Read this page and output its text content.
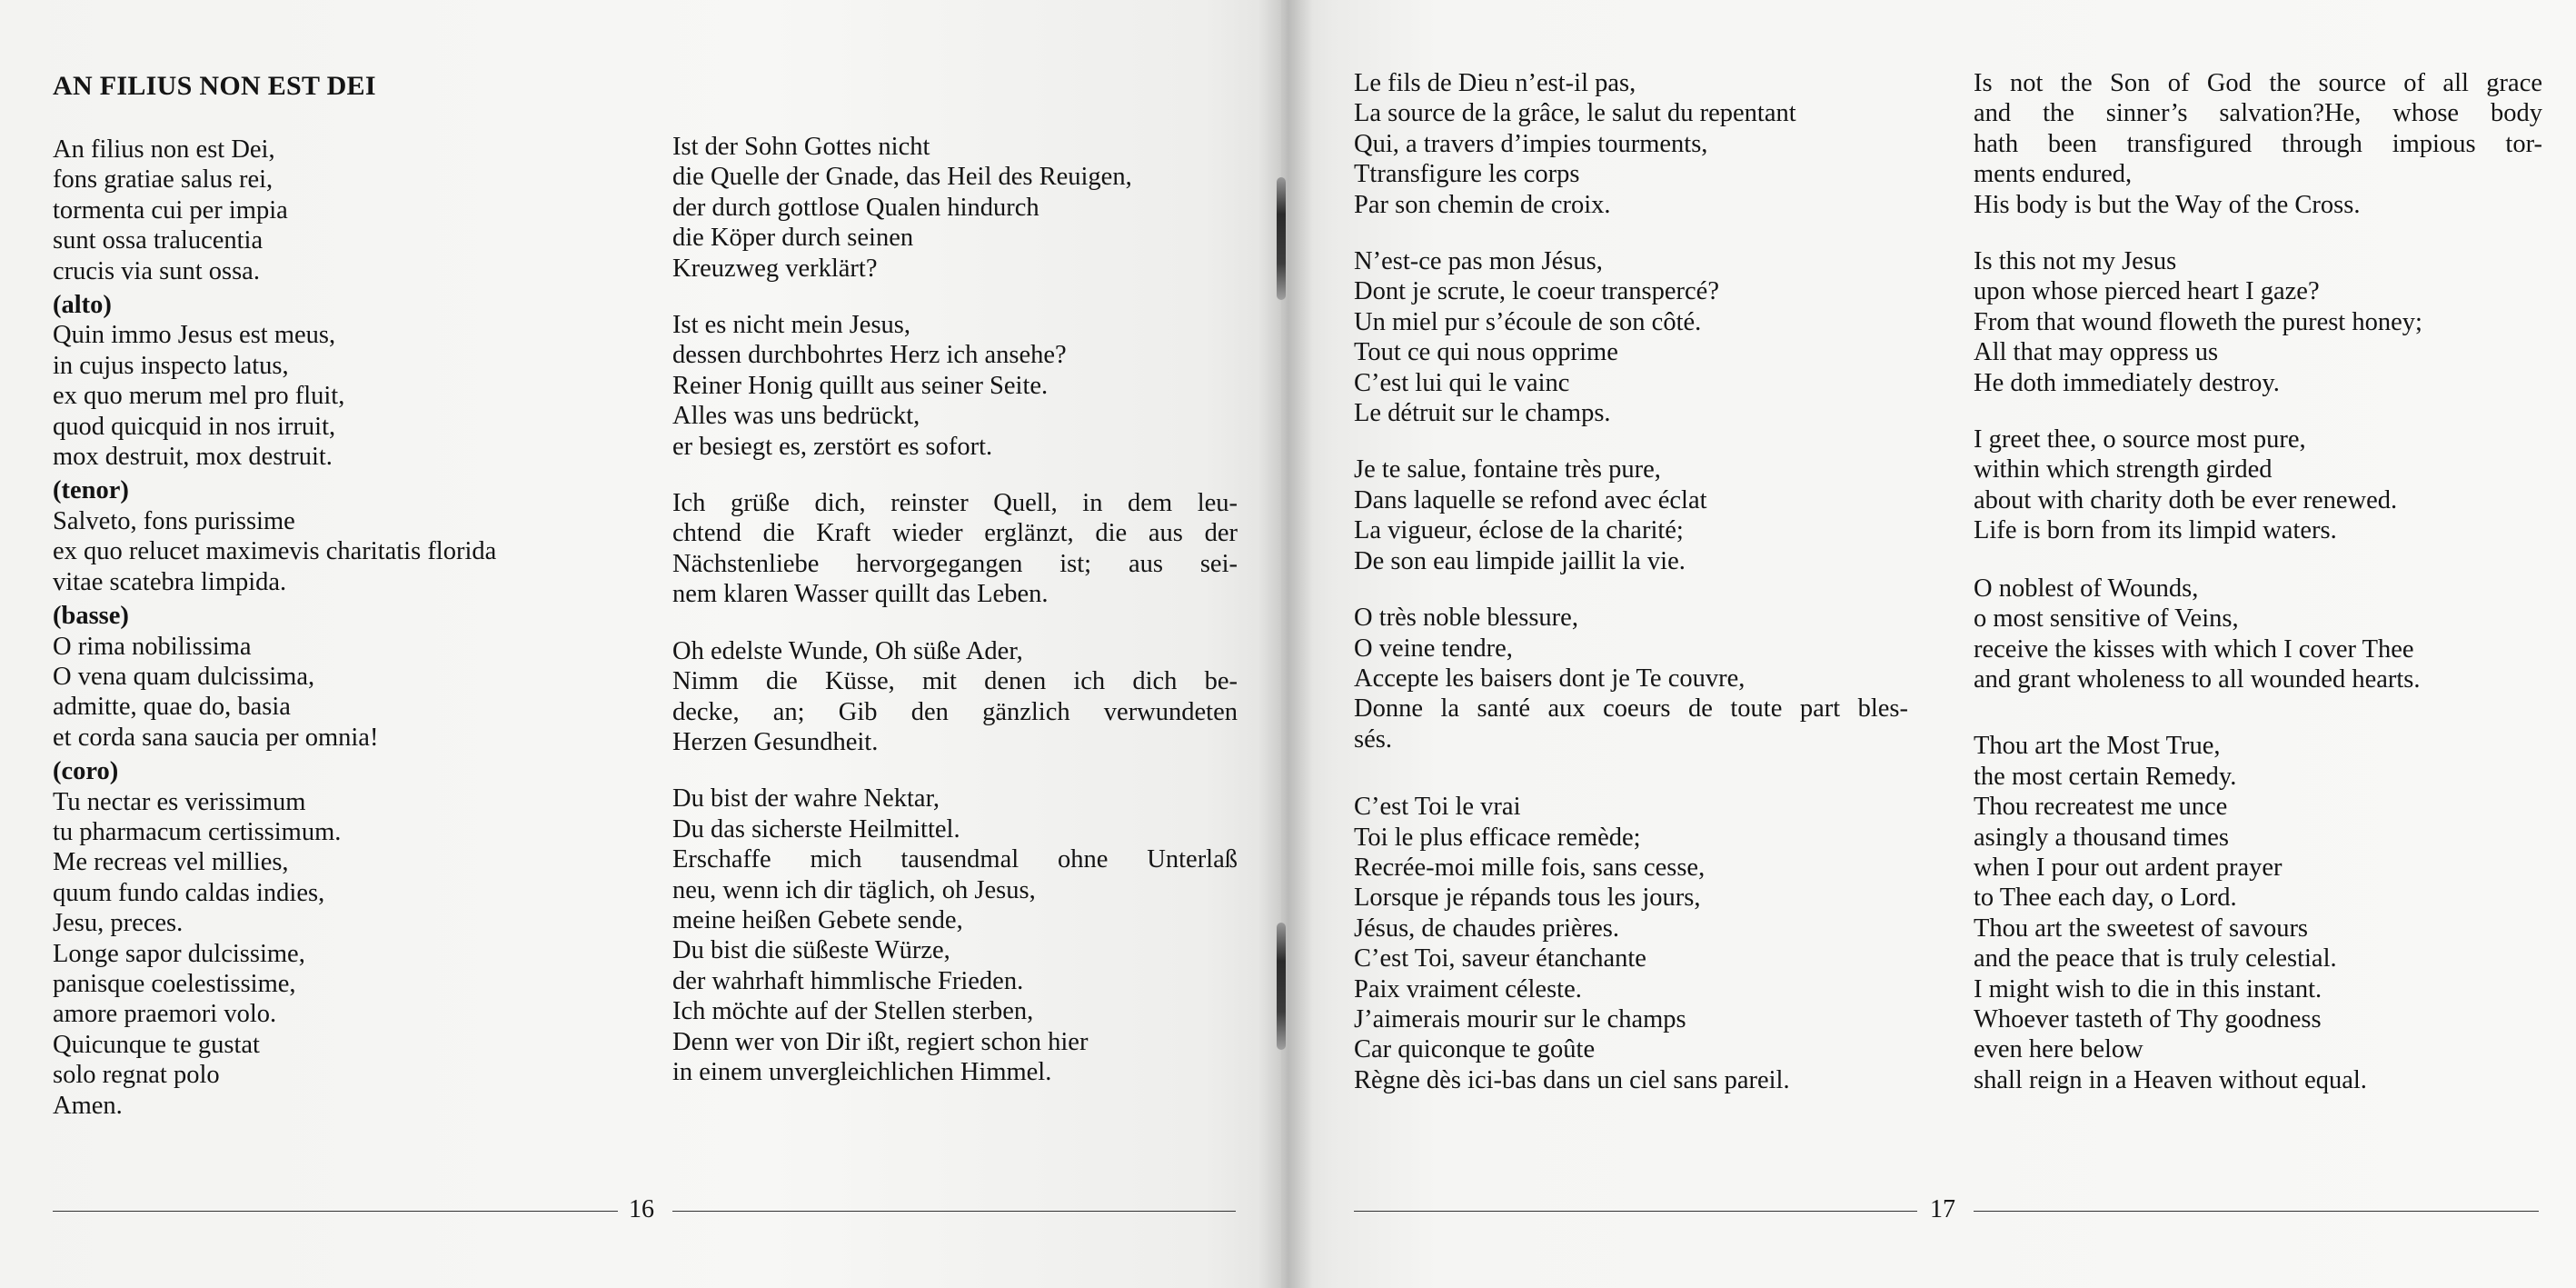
AN FILIUS NON EST DEI
An filius non est Dei,
fons gratiae salus rei,
tormenta cui per impia
sunt ossa tralucentia
crucis via sunt ossa.
(alto)
Quin immo Jesus est meus,
in cujus inspecto latus,
ex quo merum mel pro fluit,
quod quicquid in nos irruit,
mox destruit, mox destruit.
(tenor)
Salveto, fons purissime
ex quo relucet maximevis charitatis florida
vitae scatebra limpida.
(basse)
O rima nobilissima
O vena quam dulcissima,
admitte, quae do, basia
et corda sana saucia per omnia!
(coro)
Tu nectar es verissimum
tu pharmacum certissimum.
Me recreas vel millies,
quum fundo caldas indies,
Jesu, preces.
Longe sapor dulcissime,
panisque coelestissime,
amore praemori volo.
Quicunque te gustat
solo regnat polo
Amen.

Ist der Sohn Gottes nicht
die Quelle der Gnade, das Heil des Reuigen,
der durch gottlose Qualen hindurch
die Köper durch seinen
Kreuzweg verklärt?

Ist es nicht mein Jesus,
dessen durchbohrtes Herz ich ansehe?
Reiner Honig quillt aus seiner Seite.
Alles was uns bedrückt,
er besiegt es, zerstört es sofort.

Ich grüße dich, reinster Quell, in dem leu-
chtend die Kraft wieder erglänzt, die aus der
Nächstenliebe hervorgegangen ist; aus sei-
nem klaren Wasser quillt das Leben.

Oh edelste Wunde, Oh süße Ader,
Nimm die Küsse, mit denen ich dich be-
decke, an; Gib den gänzlich verwundeten
Herzen Gesundheit.

Du bist der wahre Nektar,
Du das sicherste Heilmittel.
Erschaffe mich tausendmal ohne Unterlaß
neu, wenn ich dir täglich, oh Jesus,
meine heißen Gebete sende,
Du bist die süßeste Würze,
der wahrhaft himmlische Frieden.
Ich möchte auf der Stellen sterben,
Denn wer von Dir ißt, regiert schon hier
in einem unvergleichlichen Himmel.

16

Le fils de Dieu n’est-il pas,
La source de la grâce, le salut du repentant
Qui, a travers d’impies tourments,
Ttransfigure les corps
Par son chemin de croix.

N’est-ce pas mon Jésus,
Dont je scrute, le coeur transpercé?
Un miel pur s’écoule de son côté.
Tout ce qui nous opprime
C’est lui qui le vainc
Le détruit sur le champs.

Je te salue, fontaine très pure,
Dans laquelle se refond avec éclat
La vigueur, éclose de la charité;
De son eau limpide jaillit la vie.

O très noble blessure,
O veine tendre,
Accepte les baisers dont je Te couvre,
Donne la santé aux coeurs de toute part bles-
sés.

C’est Toi le vrai
Toi le plus efficace remède;
Recrée-moi mille fois, sans cesse,
Lorsque je répands tous les jours,
Jésus, de chaudes prières.
C’est Toi, saveur étanchante
Paix vraiment céleste.
J’aimerais mourir sur le champs
Car quiconque te goûte
Règne dès ici-bas dans un ciel sans pareil.

Is not the Son of God the source of all grace
and the sinner’s salvation?He, whose body
hath been transfigured through impious tor-
ments endured,
His body is but the Way of the Cross.

Is this not my Jesus
upon whose pierced heart I gaze?
From that wound floweth the purest honey;
All that may oppress us
He doth immediately destroy.

I greet thee, o source most pure,
within which strength girded
about with charity doth be ever renewed.
Life is born from its limpid waters.

O noblest of Wounds,
o most sensitive of Veins,
receive the kisses with which I cover Thee
and grant wholeness to all wounded hearts.

Thou art the Most True,
the most certain Remedy.
Thou recreatest me unce
asingly a thousand times
when I pour out ardent prayer
to Thee each day, o Lord.
Thou art the sweetest of savours
and the peace that is truly celestial.
I might wish to die in this instant.
Whoever tasteth of Thy goodness
even here below
shall reign in a Heaven without equal.

17
